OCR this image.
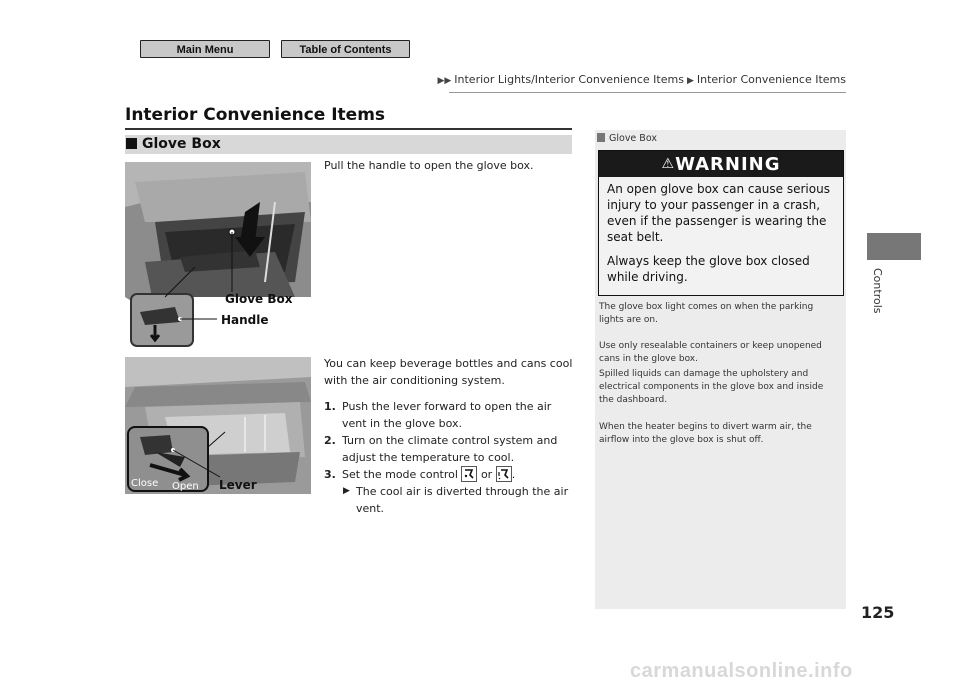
Main Menu	Table of Contents
▶▶ Interior Lights/Interior Convenience Items ▶ Interior Convenience Items
Interior Convenience Items
Glove Box
Glove Box
Handle
Pull the handle to open the glove box.
Lever
Close Open
You can keep beverage bottles and cans cool with the air conditioning system.
1. Push the lever forward to open the air vent in the glove box.
2. Turn on the climate control system and adjust the temperature to cool.
3. Set the mode control or .
▶ The cool air is diverted through the air vent.
Glove Box
⚠WARNING
An open glove box can cause serious injury to your passenger in a crash, even if the passenger is wearing the seat belt.
Always keep the glove box closed while driving.
The glove box light comes on when the parking lights are on.
Use only resealable containers or keep unopened cans in the glove box.
Spilled liquids can damage the upholstery and electrical components in the glove box and inside the dashboard.
When the heater begins to divert warm air, the airflow into the glove box is shut off.
Controls
125
carmanualsonline.info
